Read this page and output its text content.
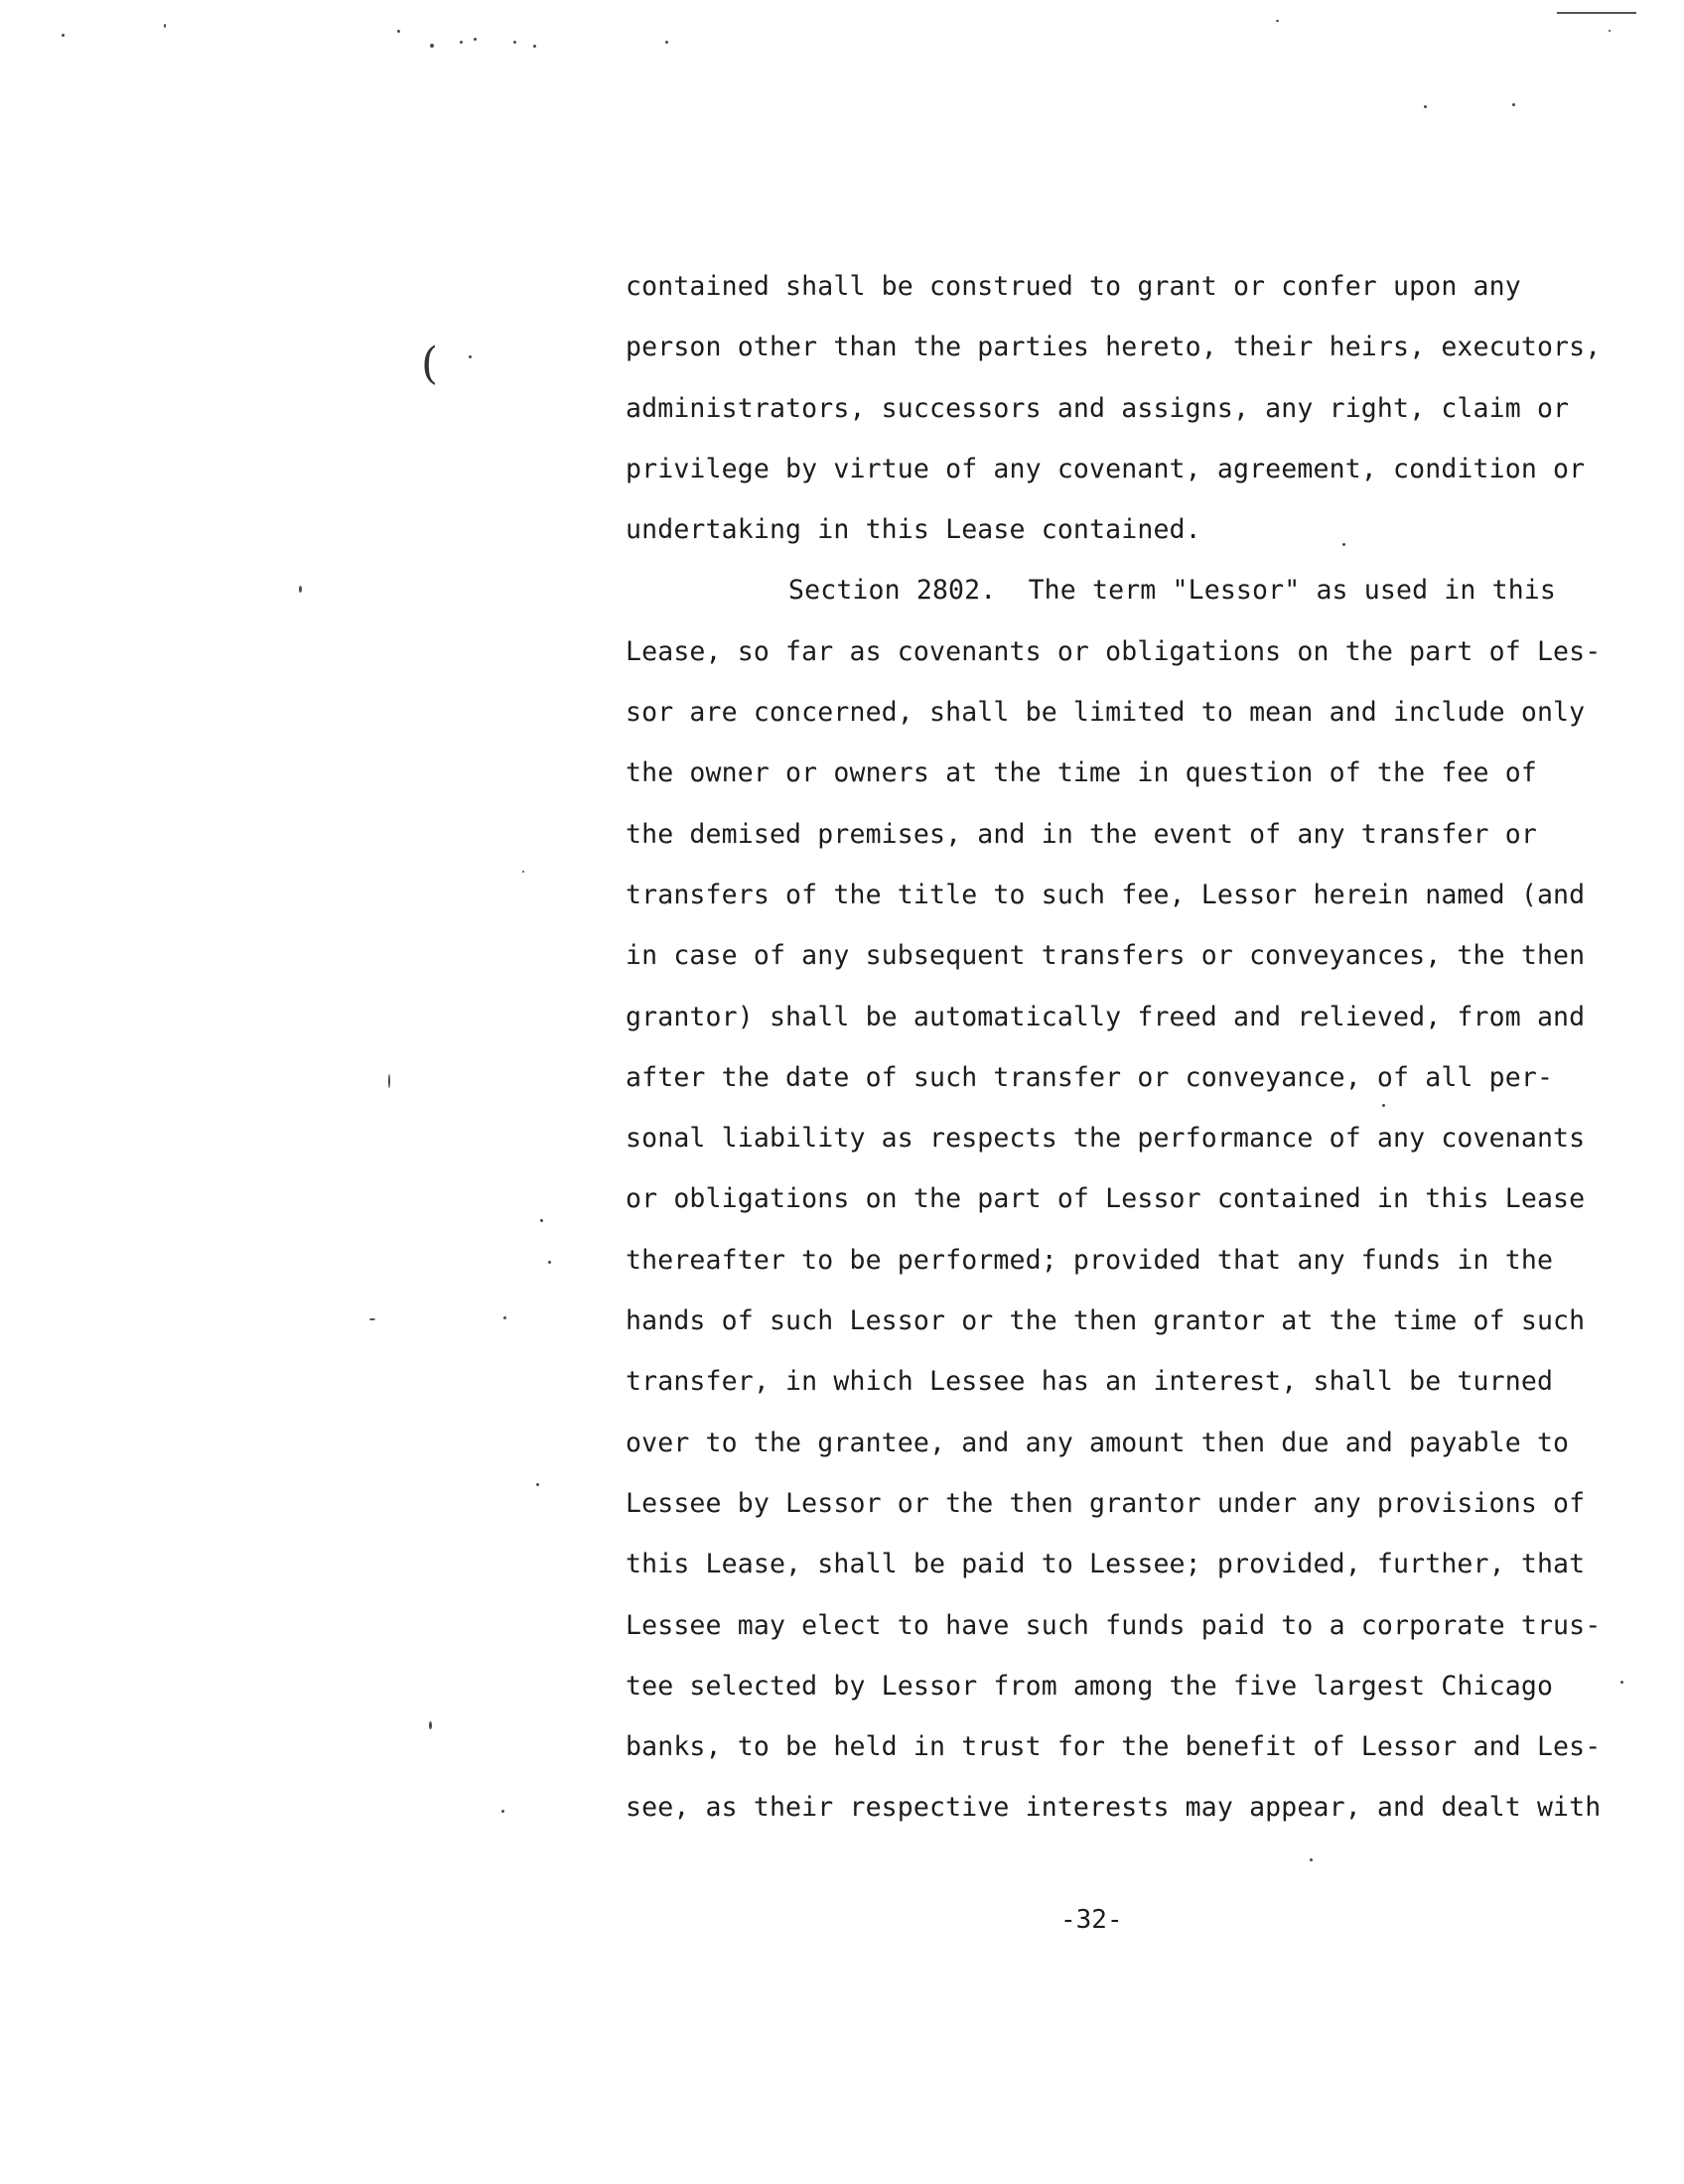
(
contained shall be construed to grant or confer upon any
person other than the parties hereto, their heirs, executors,
administrators, successors and assigns, any right, claim or
privilege by virtue of any covenant, agreement, condition or
undertaking in this Lease contained.
Section 2802.  The term "Lessor" as used in this
Lease, so far as covenants or obligations on the part of Les-
sor are concerned, shall be limited to mean and include only
the owner or owners at the time in question of the fee of
the demised premises, and in the event of any transfer or
transfers of the title to such fee, Lessor herein named (and
in case of any subsequent transfers or conveyances, the then
grantor) shall be automatically freed and relieved, from and
after the date of such transfer or conveyance, of all per-
sonal liability as respects the performance of any covenants
or obligations on the part of Lessor contained in this Lease
thereafter to be performed; provided that any funds in the
hands of such Lessor or the then grantor at the time of such
transfer, in which Lessee has an interest, shall be turned
over to the grantee, and any amount then due and payable to
Lessee by Lessor or the then grantor under any provisions of
this Lease, shall be paid to Lessee; provided, further, that
Lessee may elect to have such funds paid to a corporate trus-
tee selected by Lessor from among the five largest Chicago
banks, to be held in trust for the benefit of Lessor and Les-
see, as their respective interests may appear, and dealt with
-32-
